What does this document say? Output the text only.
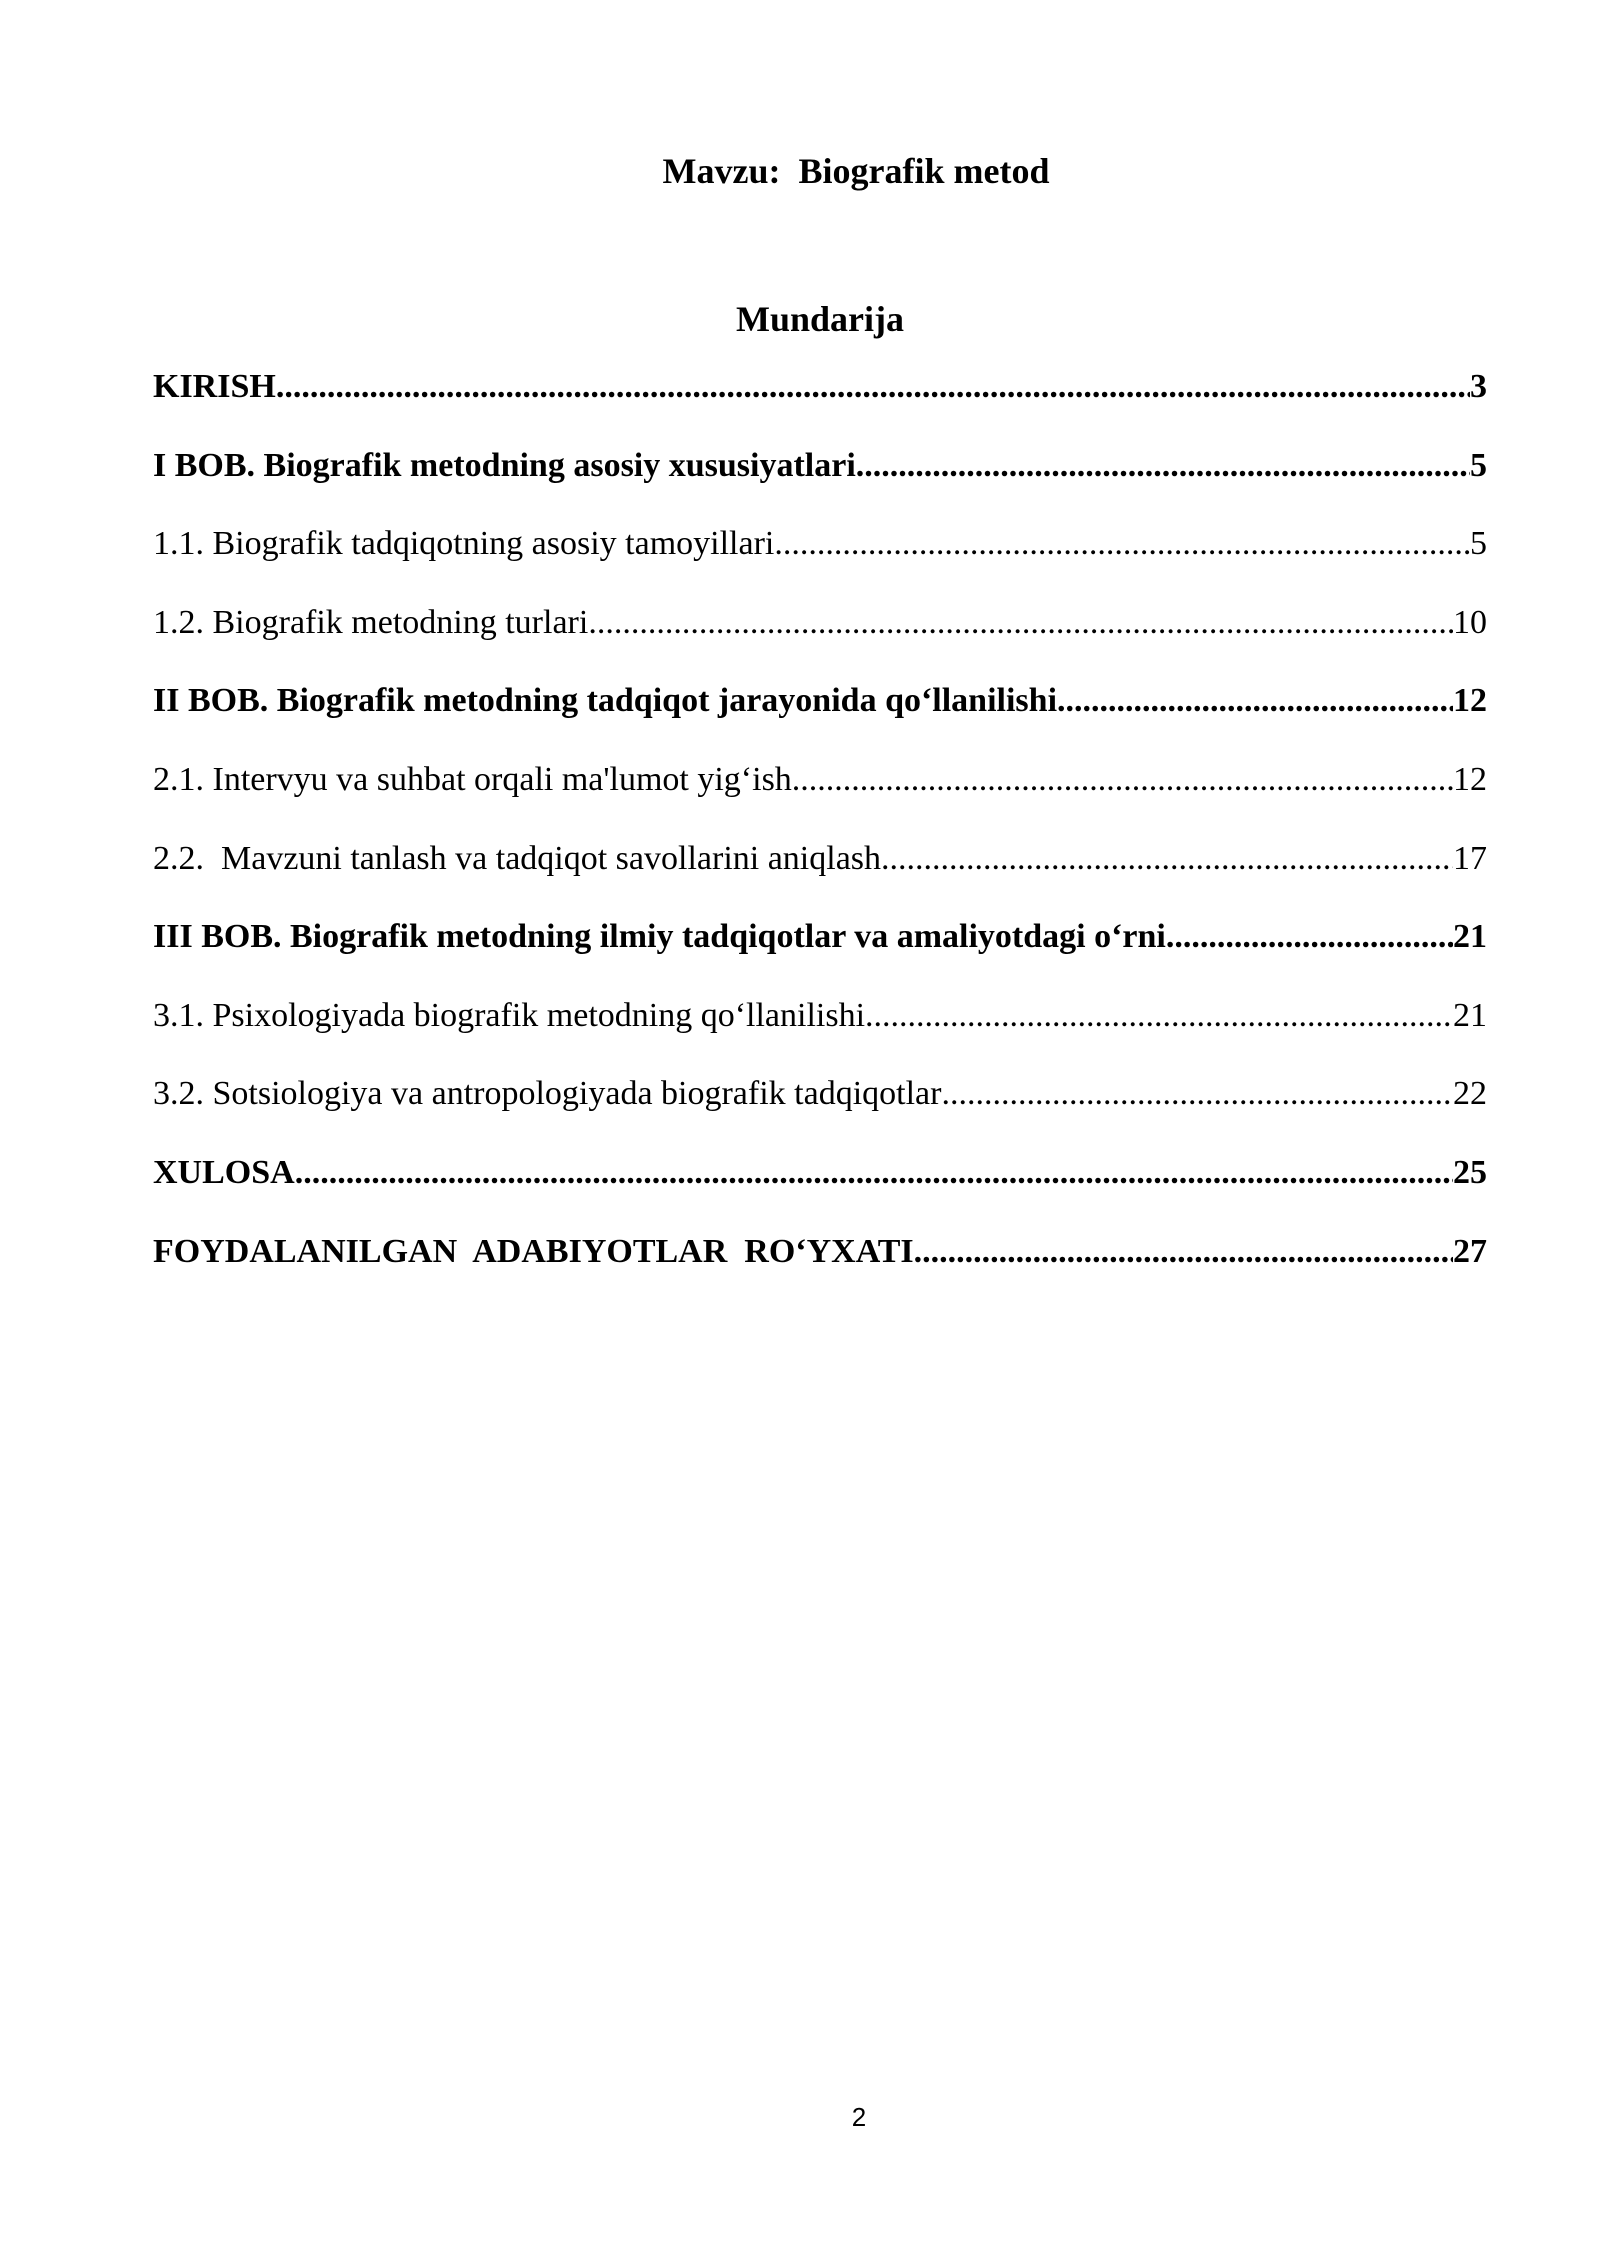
Mavzu:  Biografik metod
Mundarija
KIRISH .....	3
I BOB. Biografik metodning asosiy xususiyatlari .....	5
1.1. Biografik tadqiqotning asosiy tamoyillari .....	5
1.2. Biografik metodning turlari .....	10
II BOB. Biografik metodning tadqiqot jarayonida qo‘llanilishi .....	12
2.1. Intervyu va suhbat orqali ma'lumot yig‘ish .....	12
2.2.  Mavzuni tanlash va tadqiqot savollarini aniqlash .....	17
III BOB. Biografik metodning ilmiy tadqiqotlar va amaliyotdagi o‘rni .....	21
3.1. Psixologiyada biografik metodning qo‘llanilishi .....	21
3.2. Sotsiologiya va antropologiyada biografik tadqiqotlar .....	22
XULOSA .....	25
FOYDALANILGAN  ADABIYOTLAR  RO‘YXATI .....	27
2
